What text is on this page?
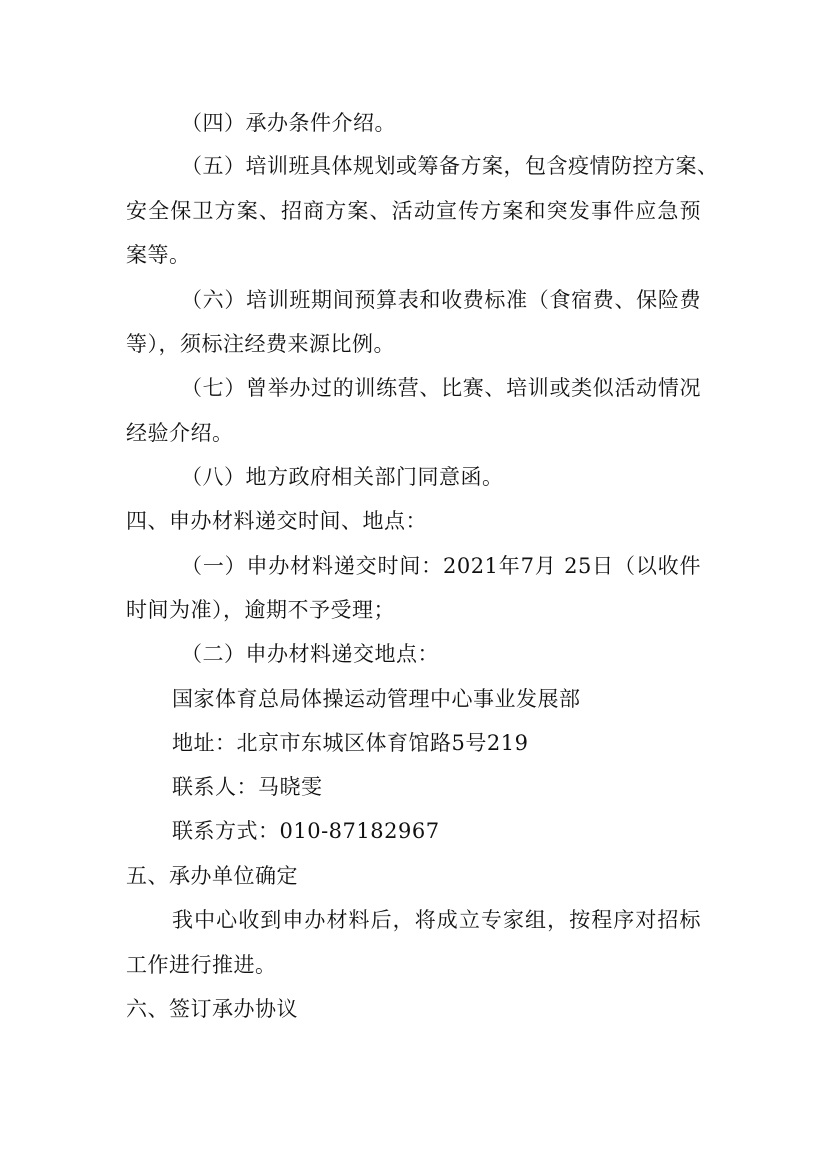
（四）承办条件介绍。
（五）培训班具体规划或筹备方案，包含疫情防控方案、
安全保卫方案、招商方案、活动宣传方案和突发事件应急预
案等。
（六）培训班期间预算表和收费标准（食宿费、保险费
等），须标注经费来源比例。
（七）曾举办过的训练营、比赛、培训或类似活动情况
经验介绍。
（八）地方政府相关部门同意函。
四、申办材料递交时间、地点：
（一）申办材料递交时间：2021年7月 25日（以收件
时间为准），逾期不予受理；
（二）申办材料递交地点：
国家体育总局体操运动管理中心事业发展部
地址：北京市东城区体育馆路5号219
联系人：马晓雯
联系方式：010-87182967
五、承办单位确定
我中心收到申办材料后，将成立专家组，按程序对招标
工作进行推进。
六、签订承办协议
